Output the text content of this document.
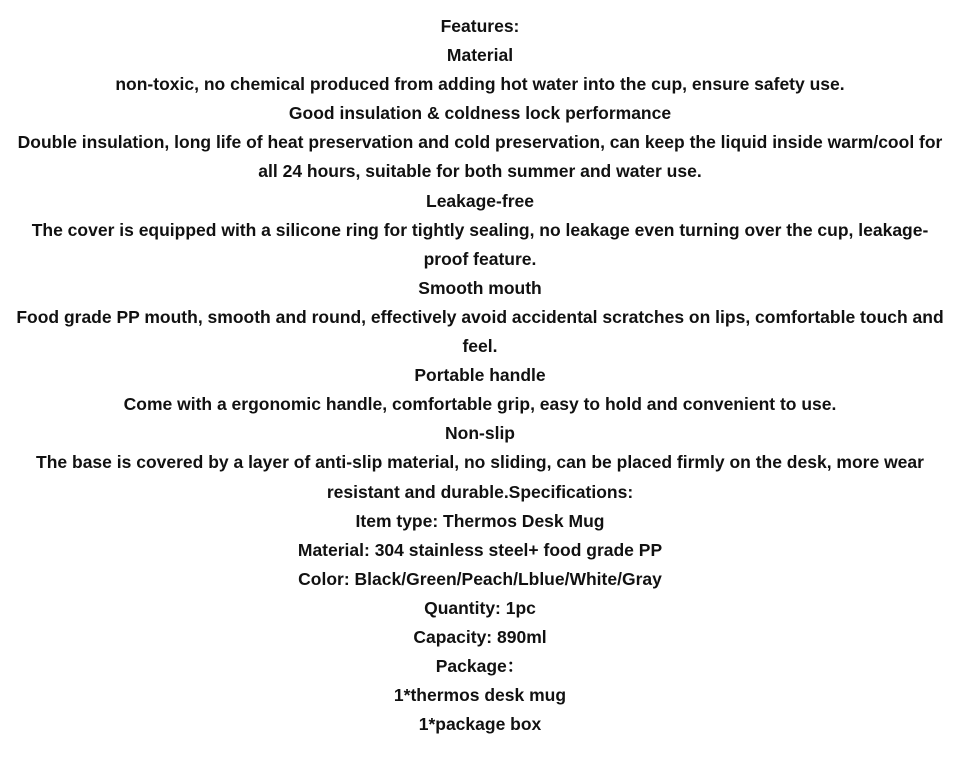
Features:
Material
non-toxic, no chemical produced from adding hot water into the cup, ensure safety use.
Good insulation & coldness lock performance
Double insulation, long life of heat preservation and cold preservation, can keep the liquid inside warm/cool for all 24 hours, suitable for both summer and water use.
Leakage-free
The cover is equipped with a silicone ring for tightly sealing, no leakage even turning over the cup, leakage-proof feature.
Smooth mouth
Food grade PP mouth, smooth and round, effectively avoid accidental scratches on lips, comfortable touch and feel.
Portable handle
Come with a ergonomic handle, comfortable grip, easy to hold and convenient to use.
Non-slip
The base is covered by a layer of anti-slip material, no sliding, can be placed firmly on the desk, more wear resistant and durable.Specifications:
Item type: Thermos Desk Mug
Material: 304 stainless steel+ food grade PP
Color: Black/Green/Peach/Lblue/White/Gray
Quantity: 1pc
Capacity: 890ml
Package：
1*thermos desk mug
1*package box
